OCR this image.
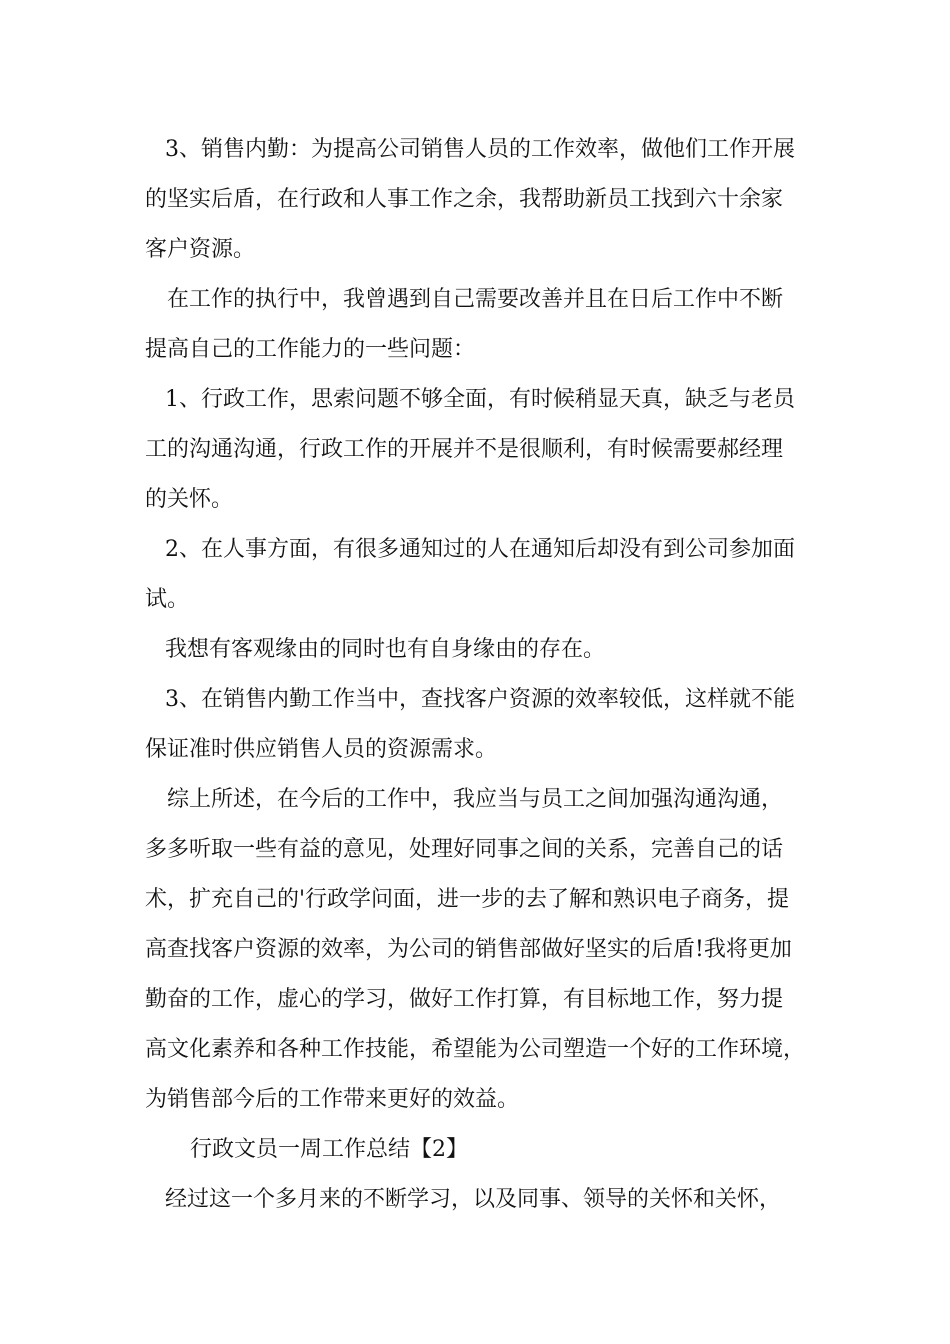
3、销售内勤：为提高公司销售人员的工作效率，做他们工作开展
的坚实后盾，在行政和人事工作之余，我帮助新员工找到六十余家
客户资源。
在工作的执行中，我曾遇到自己需要改善并且在日后工作中不断
提高自己的工作能力的一些问题：
1、行政工作，思索问题不够全面，有时候稍显天真，缺乏与老员
工的沟通沟通，行政工作的开展并不是很顺利，有时候需要郝经理
的关怀。
2、在人事方面，有很多通知过的人在通知后却没有到公司参加面
试。
我想有客观缘由的同时也有自身缘由的存在。
3、在销售内勤工作当中，查找客户资源的效率较低，这样就不能
保证准时供应销售人员的资源需求。
综上所述，在今后的工作中，我应当与员工之间加强沟通沟通，
多多听取一些有益的意见，处理好同事之间的关系，完善自己的话
术，扩充自己的'行政学问面，进一步的去了解和熟识电子商务，提
高查找客户资源的效率，为公司的销售部做好坚实的后盾!我将更加
勤奋的工作，虚心的学习，做好工作打算，有目标地工作，努力提
高文化素养和各种工作技能，希望能为公司塑造一个好的工作环境，
为销售部今后的工作带来更好的效益。
行政文员一周工作总结【2】
经过这一个多月来的不断学习，以及同事、领导的关怀和关怀，
